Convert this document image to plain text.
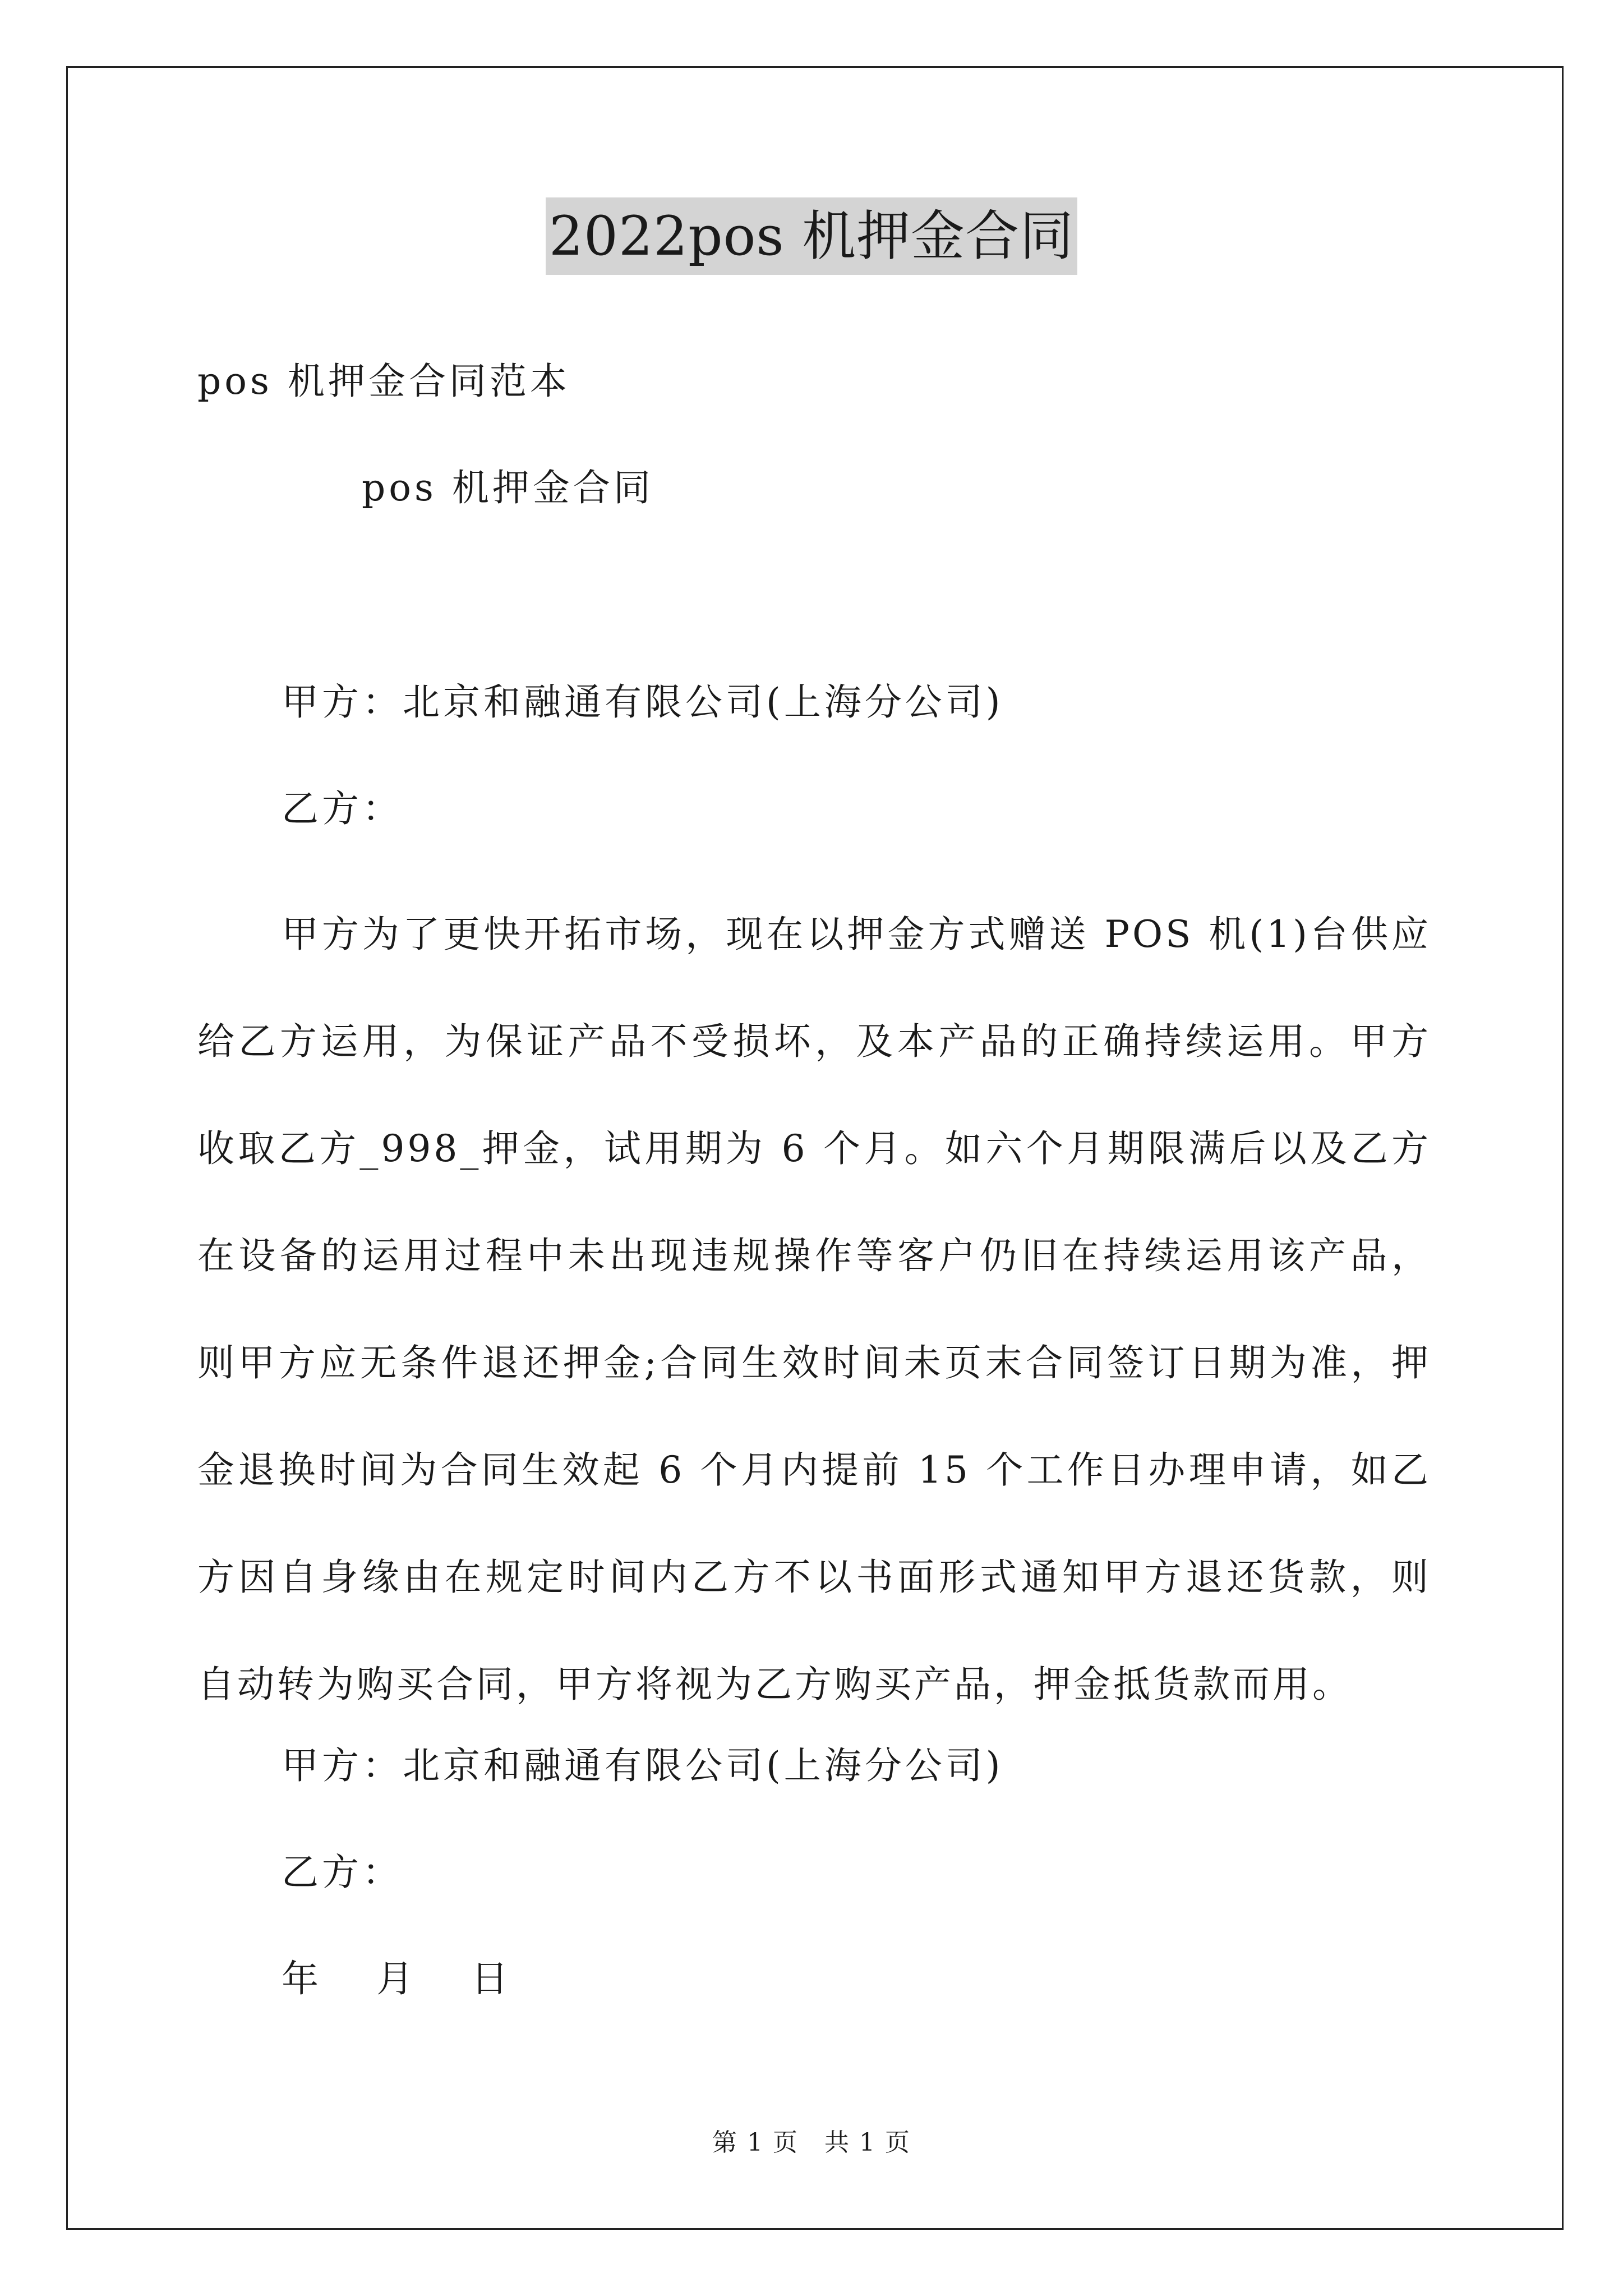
2022pos 机押金合同
pos 机押金合同范本
pos 机押金合同
甲方：北京和融通有限公司(上海分公司)
乙方：

甲方为了更快开拓市场，现在以押金方式赠送 POS 机(1)台供应给乙方运用，为保证产品不受损坏，及本产品的正确持续运用。甲方收取乙方_998_押金，试用期为 6 个月。如六个月期限满后以及乙方在设备的运用过程中未出现违规操作等客户仍旧在持续运用该产品，则甲方应无条件退还押金;合同生效时间未页末合同签订日期为准，押金退换时间为合同生效起 6 个月内提前 15 个工作日办理申请，如乙方因自身缘由在规定时间内乙方不以书面形式通知甲方退还货款，则自动转为购买合同，甲方将视为乙方购买产品，押金抵货款而用。

甲方：北京和融通有限公司(上海分公司)
乙方：
年 月 日
第 1 页　共 1 页
